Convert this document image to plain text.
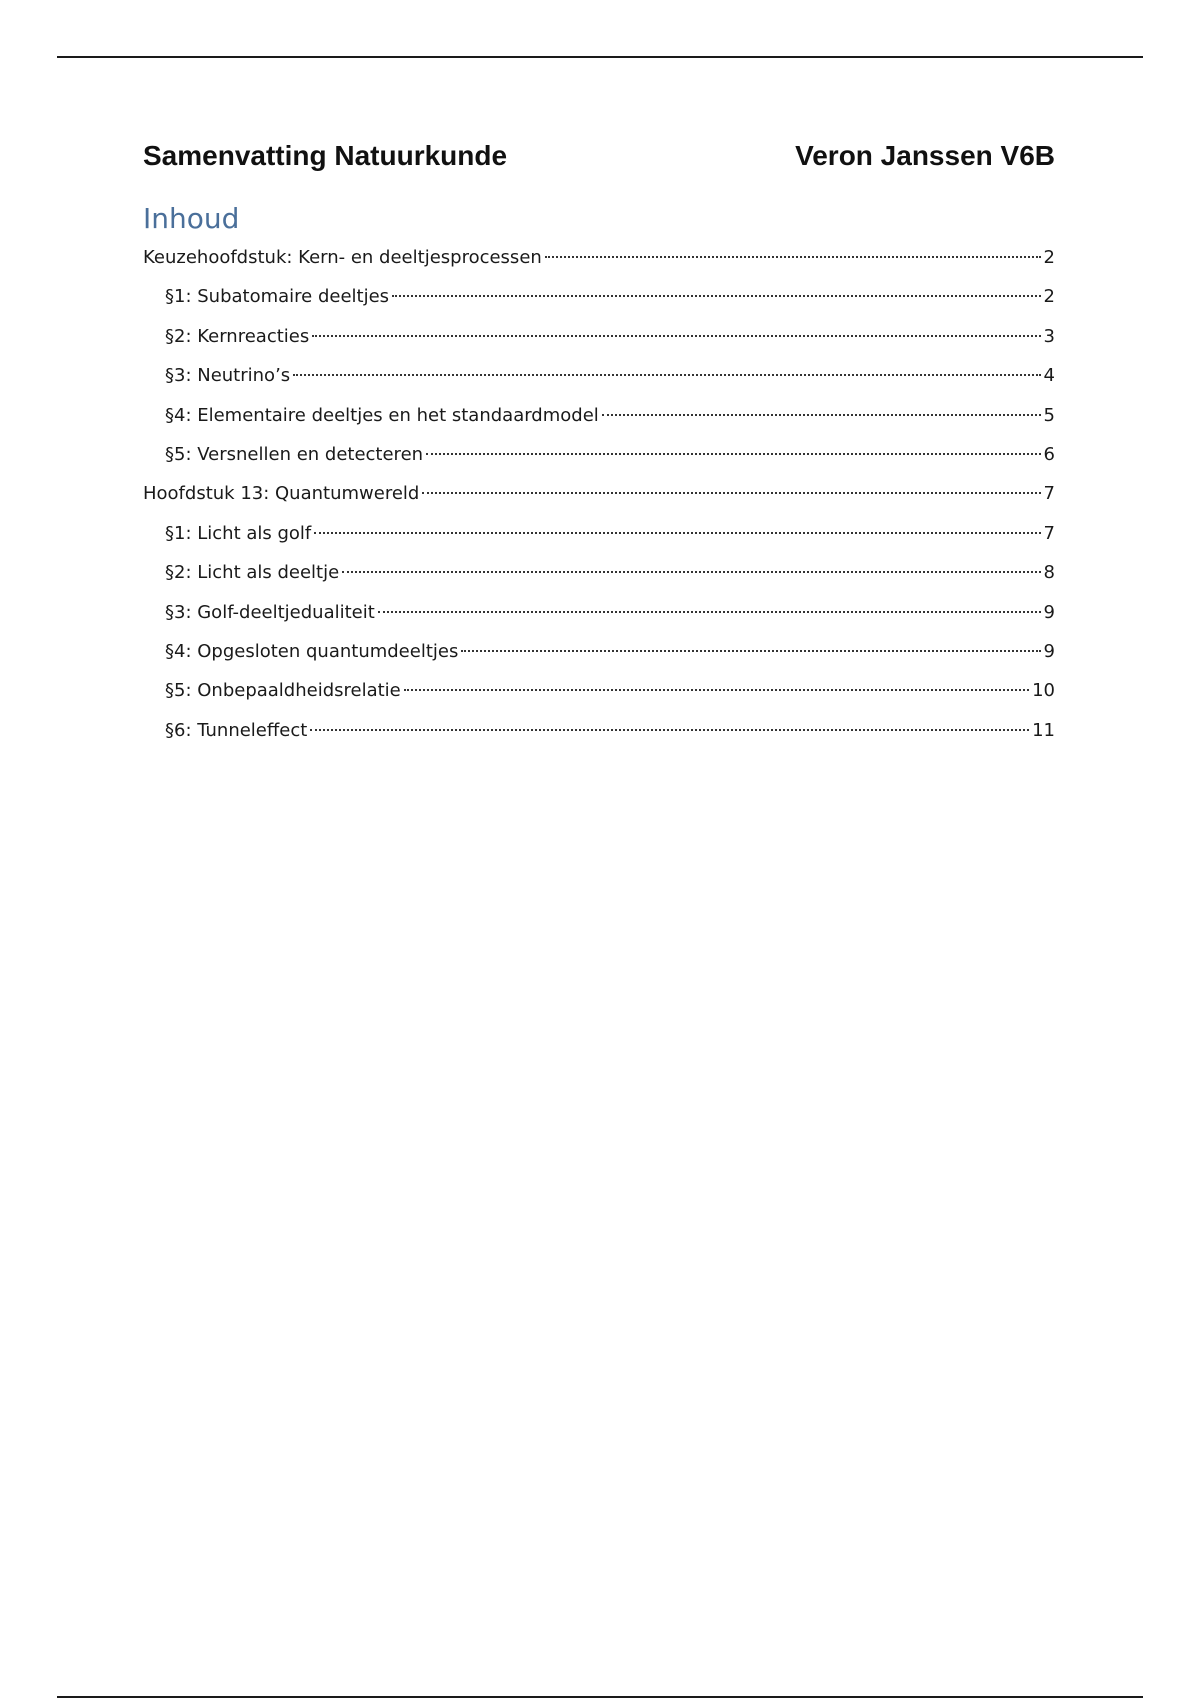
Samenvatting Natuurkunde	Veron Janssen V6B
Inhoud
Keuzehoofdstuk: Kern- en deeltjesprocessen	2
§1: Subatomaire deeltjes	2
§2: Kernreacties	3
§3: Neutrino’s	4
§4: Elementaire deeltjes en het standaardmodel	5
§5: Versnellen en detecteren	6
Hoofdstuk 13: Quantumwereld	7
§1: Licht als golf	7
§2: Licht als deeltje	8
§3: Golf-deeltjedualiteit	9
§4: Opgesloten quantumdeeltjes	9
§5: Onbepaaldheidsrelatie	10
§6: Tunneleffect	11
